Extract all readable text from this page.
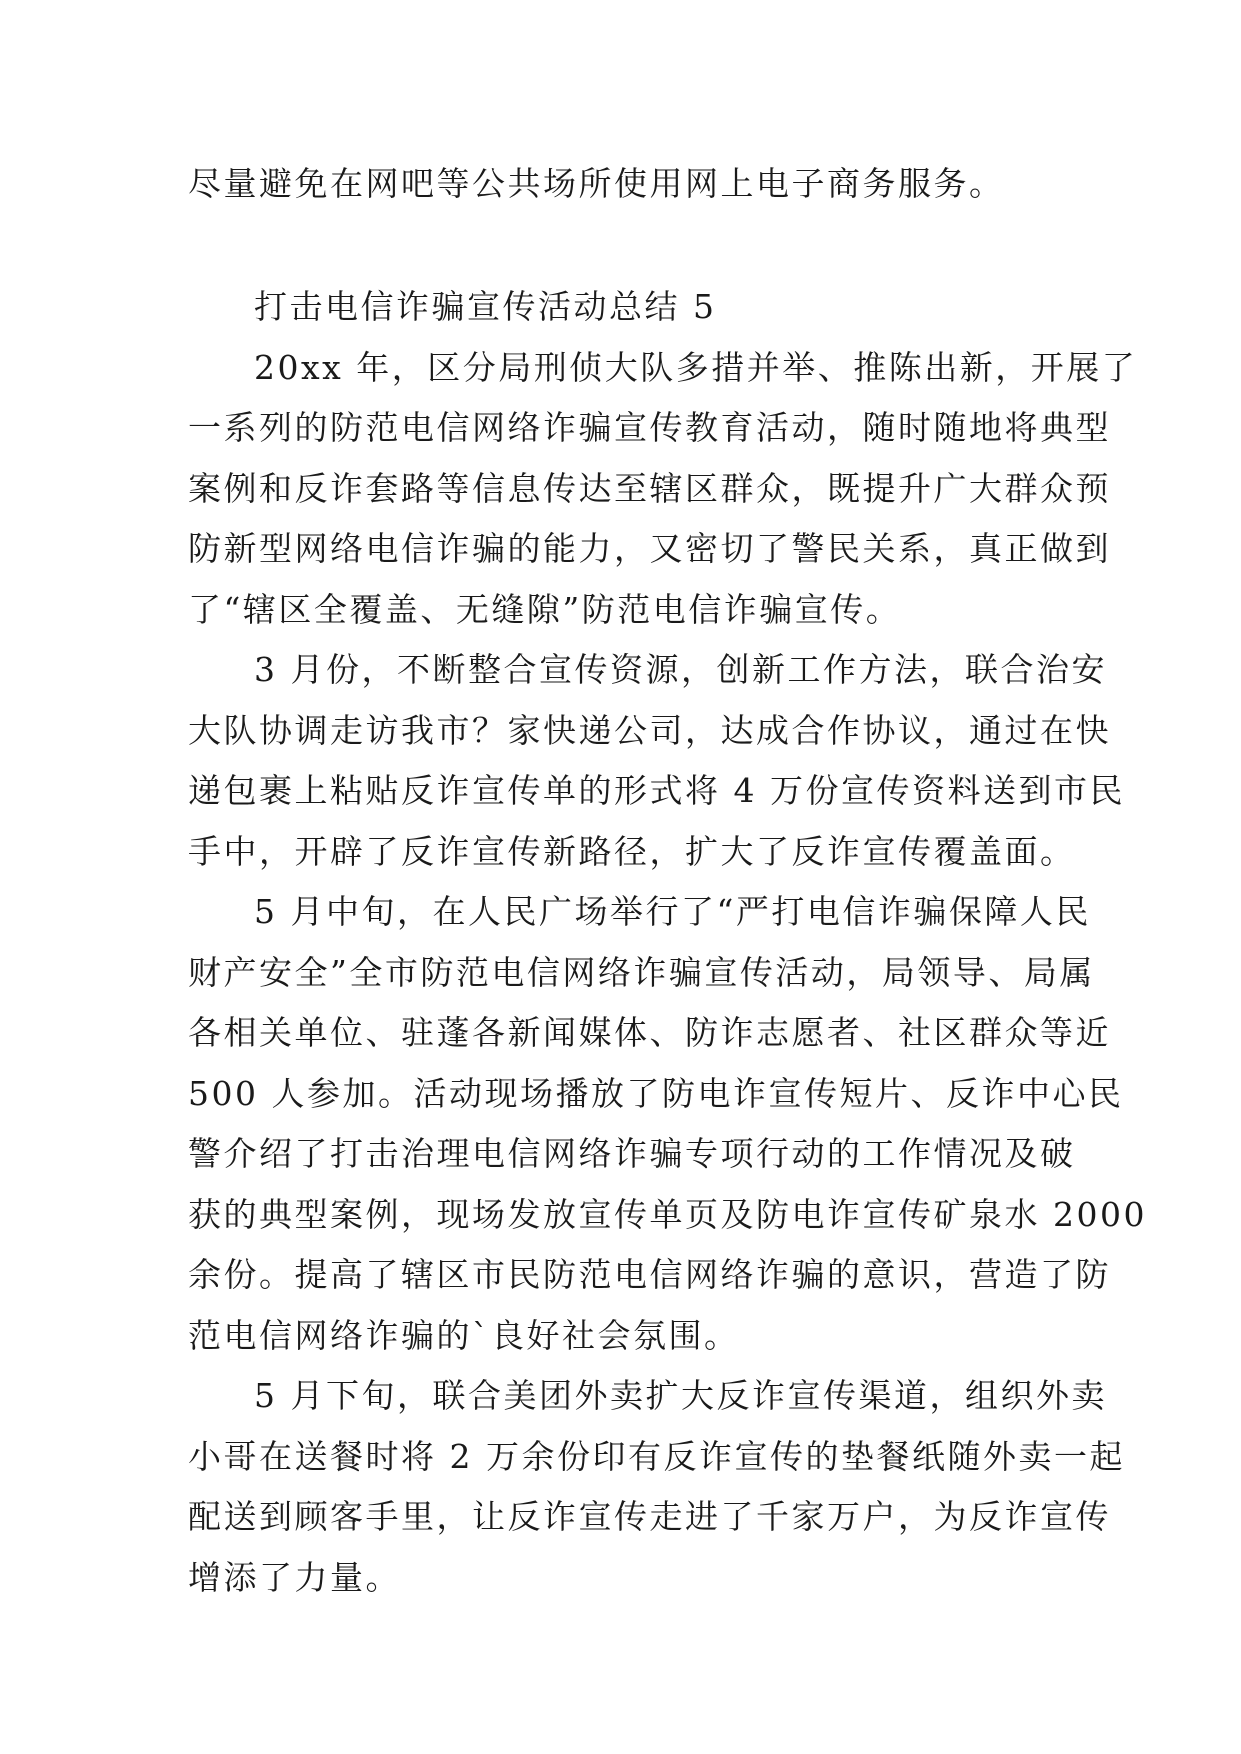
尽量避免在网吧等公共场所使用网上电子商务服务。
打击电信诈骗宣传活动总结 5
20xx 年，区分局刑侦大队多措并举、推陈出新，开展了
一系列的防范电信网络诈骗宣传教育活动，随时随地将典型
案例和反诈套路等信息传达至辖区群众，既提升广大群众预
防新型网络电信诈骗的能力，又密切了警民关系，真正做到
了“辖区全覆盖、无缝隙”防范电信诈骗宣传。
3 月份，不断整合宣传资源，创新工作方法，联合治安
大队协调走访我市？家快递公司，达成合作协议，通过在快
递包裹上粘贴反诈宣传单的形式将 4 万份宣传资料送到市民
手中，开辟了反诈宣传新路径，扩大了反诈宣传覆盖面。
5 月中旬，在人民广场举行了“严打电信诈骗保障人民
财产安全”全市防范电信网络诈骗宣传活动，局领导、局属
各相关单位、驻蓬各新闻媒体、防诈志愿者、社区群众等近
500 人参加。活动现场播放了防电诈宣传短片、反诈中心民
警介绍了打击治理电信网络诈骗专项行动的工作情况及破
获的典型案例，现场发放宣传单页及防电诈宣传矿泉水 2000
余份。提高了辖区市民防范电信网络诈骗的意识，营造了防
范电信网络诈骗的`良好社会氛围。
5 月下旬，联合美团外卖扩大反诈宣传渠道，组织外卖
小哥在送餐时将 2 万余份印有反诈宣传的垫餐纸随外卖一起
配送到顾客手里，让反诈宣传走进了千家万户，为反诈宣传
增添了力量。
